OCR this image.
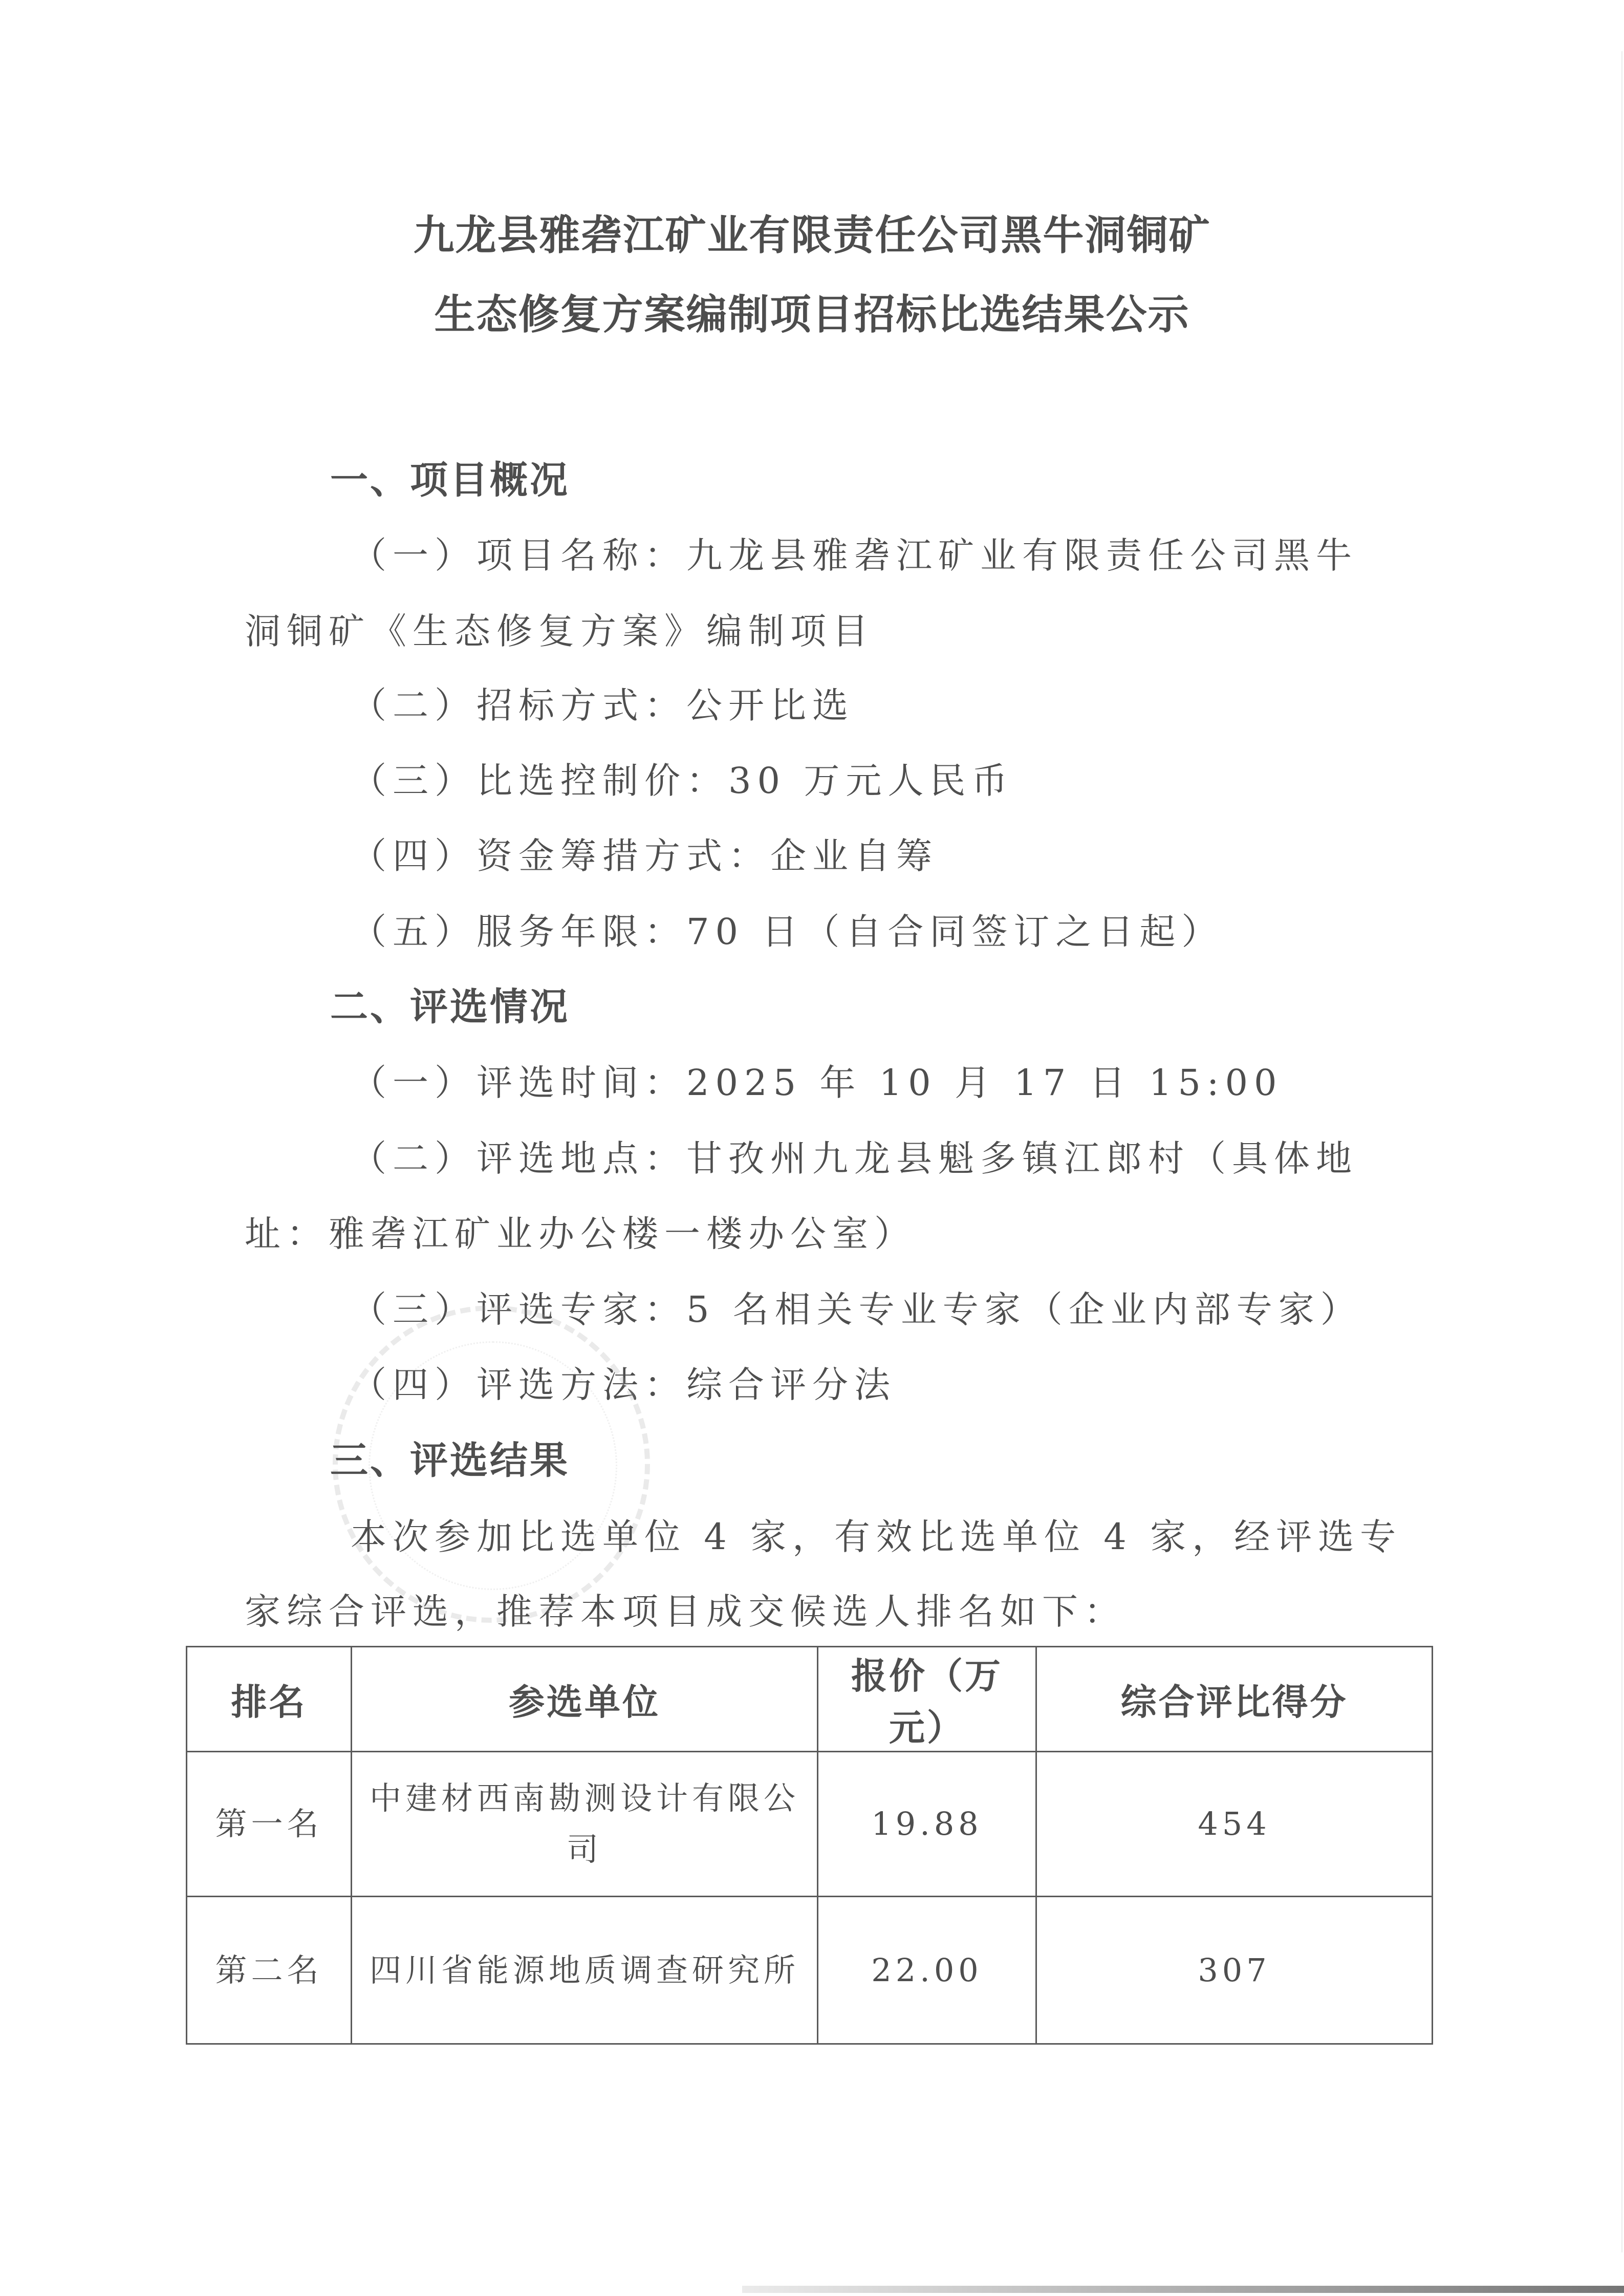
九龙县雅砻江矿业有限责任公司黑牛洞铜矿
生态修复方案编制项目招标比选结果公示
一、项目概况
（一）项目名称：九龙县雅砻江矿业有限责任公司黑牛
洞铜矿《生态修复方案》编制项目
（二）招标方式：公开比选
（三）比选控制价：30 万元人民币
（四）资金筹措方式：企业自筹
（五）服务年限：70 日（自合同签订之日起）
二、评选情况
（一）评选时间：2025 年 10 月 17 日 15:00
（二）评选地点：甘孜州九龙县魁多镇江郎村（具体地
址：雅砻江矿业办公楼一楼办公室）
（三）评选专家：5 名相关专业专家（企业内部专家）
（四）评选方法：综合评分法
三、评选结果
本次参加比选单位 4 家，有效比选单位 4 家，经评选专
家综合评选，推荐本项目成交候选人排名如下：
排名	参选单位	报价（万元）	综合评比得分
第一名	中建材西南勘测设计有限公司	19.88	454
第二名	四川省能源地质调查研究所	22.00	307
